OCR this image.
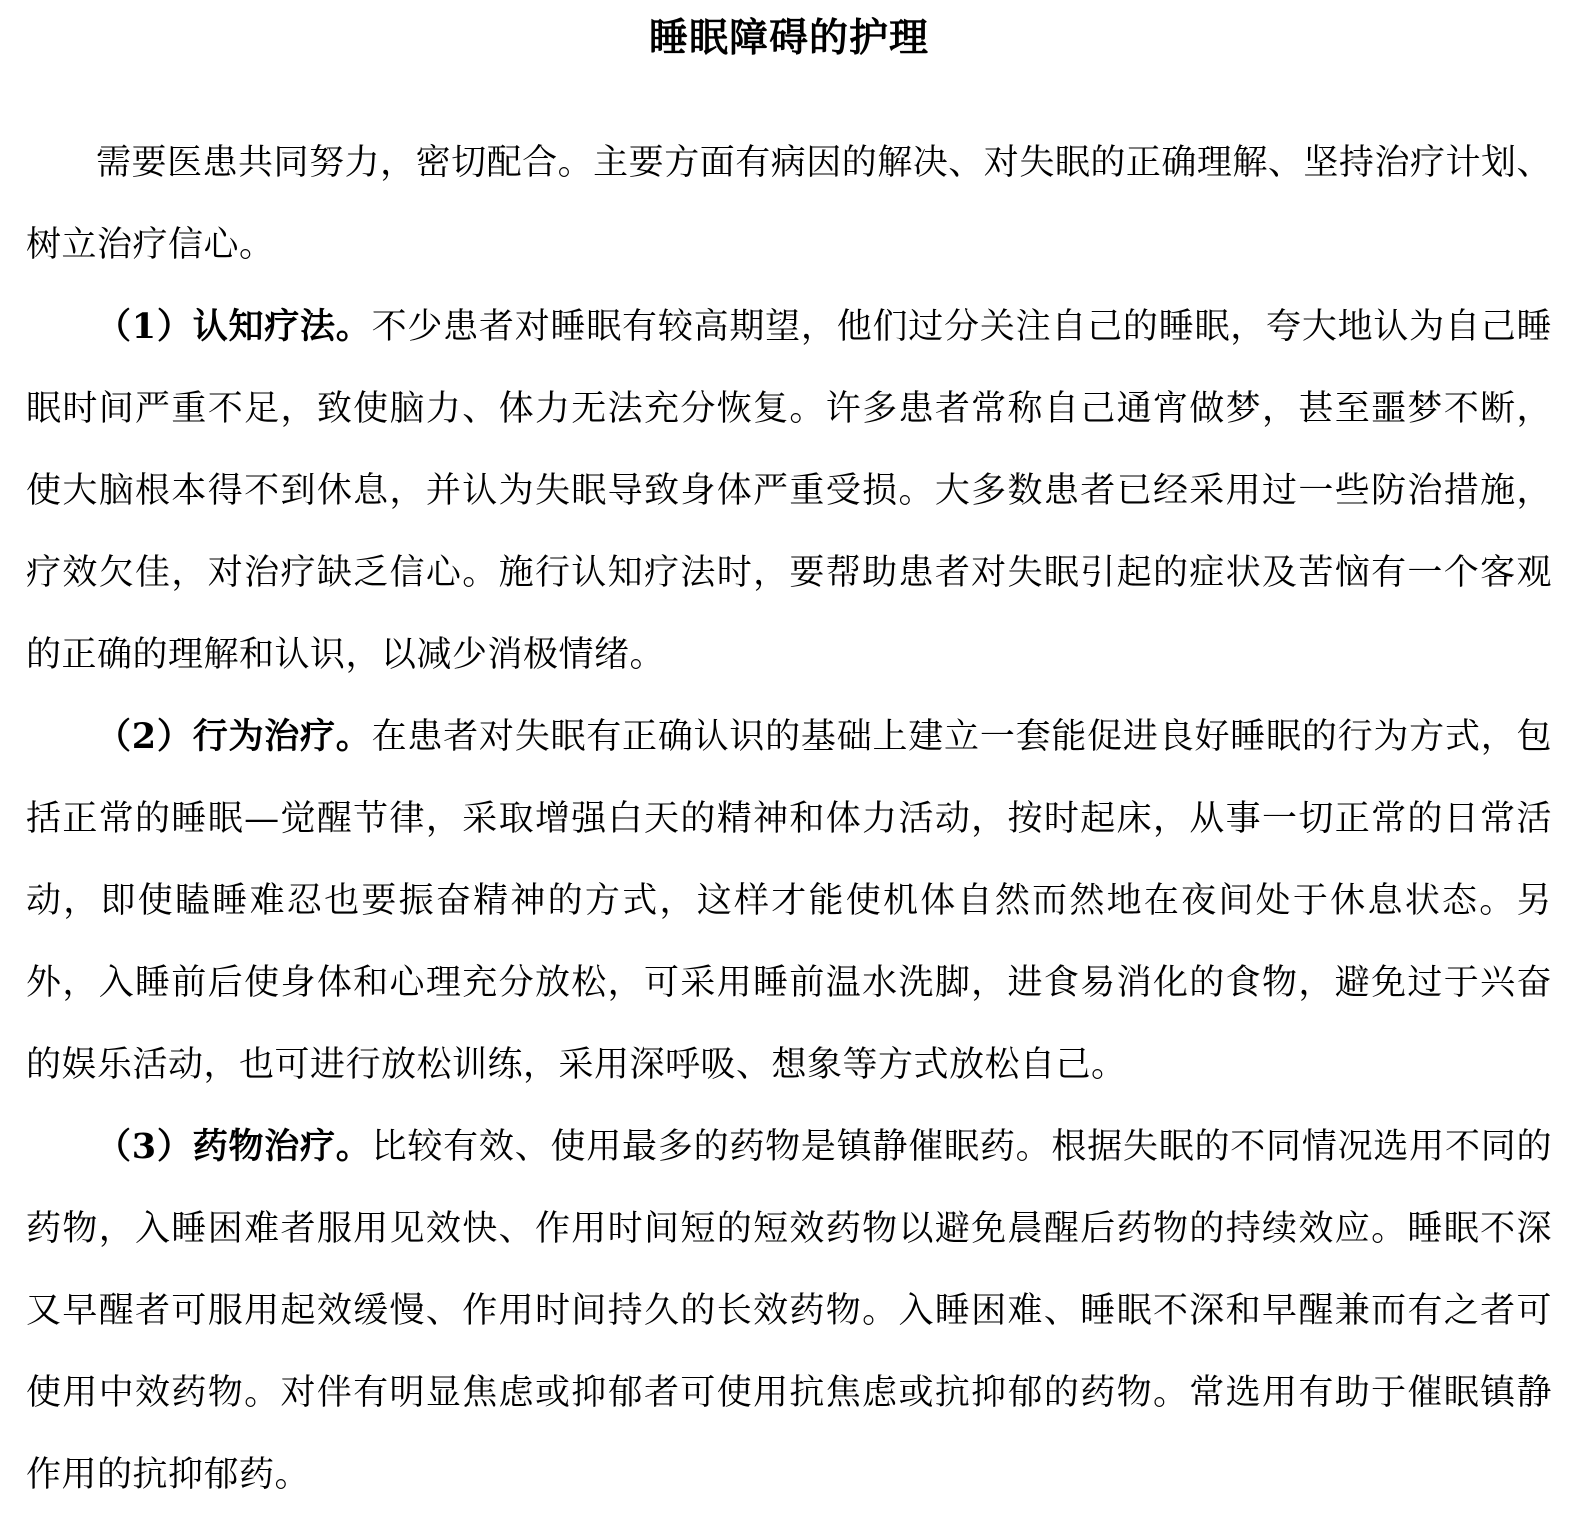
睡眠障碍的护理

需要医患共同努力，密切配合。主要方面有病因的解决、对失眠的正确理解、坚持治疗计划、树立治疗信心。

（1）认知疗法。不少患者对睡眠有较高期望，他们过分关注自己的睡眠，夸大地认为自己睡眠时间严重不足，致使脑力、体力无法充分恢复。许多患者常称自己通宵做梦，甚至噩梦不断，使大脑根本得不到休息，并认为失眠导致身体严重受损。大多数患者已经采用过一些防治措施，疗效欠佳，对治疗缺乏信心。施行认知疗法时，要帮助患者对失眠引起的症状及苦恼有一个客观的正确的理解和认识，以减少消极情绪。

（2）行为治疗。在患者对失眠有正确认识的基础上建立一套能促进良好睡眠的行为方式，包括正常的睡眠—觉醒节律，采取增强白天的精神和体力活动，按时起床，从事一切正常的日常活动，即使瞌睡难忍也要振奋精神的方式，这样才能使机体自然而然地在夜间处于休息状态。另外，入睡前后使身体和心理充分放松，可采用睡前温水洗脚，进食易消化的食物，避免过于兴奋的娱乐活动，也可进行放松训练，采用深呼吸、想象等方式放松自己。

（3）药物治疗。比较有效、使用最多的药物是镇静催眠药。根据失眠的不同情况选用不同的药物，入睡困难者服用见效快、作用时间短的短效药物以避免晨醒后药物的持续效应。睡眠不深又早醒者可服用起效缓慢、作用时间持久的长效药物。入睡困难、睡眠不深和早醒兼而有之者可使用中效药物。对伴有明显焦虑或抑郁者可使用抗焦虑或抗抑郁的药物。常选用有助于催眠镇静作用的抗抑郁药。
